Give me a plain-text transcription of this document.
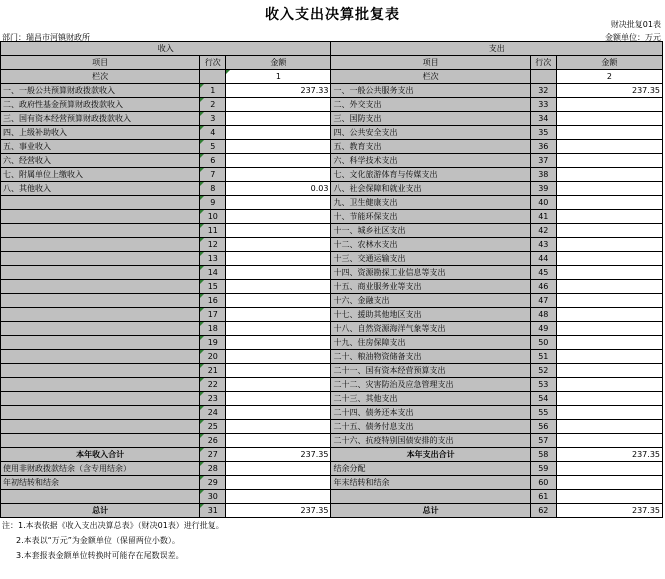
收入支出决算批复表
财决批复01表
部门：瑞昌市河镇财政所	金额单位：万元
收入			支出		
项目	行次	金额	项目	行次	金额
栏次		1	栏次		2
一、一般公共预算财政拨款收入	1	237.33	一、一般公共服务支出	32	237.35
二、政府性基金预算财政拨款收入	2		二、外交支出	33	
三、国有资本经营预算财政拨款收入	3		三、国防支出	34	
四、上级补助收入	4		四、公共安全支出	35	
五、事业收入	5		五、教育支出	36	
六、经营收入	6		六、科学技术支出	37	
七、附属单位上缴收入	7		七、文化旅游体育与传媒支出	38	
八、其他收入	8	0.03	八、社会保障和就业支出	39	
	9		九、卫生健康支出	40	
	10		十、节能环保支出	41	
	11		十一、城乡社区支出	42	
	12		十二、农林水支出	43	
	13		十三、交通运输支出	44	
	14		十四、资源勘探工业信息等支出	45	
	15		十五、商业服务业等支出	46	
	16		十六、金融支出	47	
	17		十七、援助其他地区支出	48	
	18		十八、自然资源海洋气象等支出	49	
	19		十九、住房保障支出	50	
	20		二十、粮油物资储备支出	51	
	21		二十一、国有资本经营预算支出	52	
	22		二十二、灾害防治及应急管理支出	53	
	23		二十三、其他支出	54	
	24		二十四、债务还本支出	55	
	25		二十五、债务付息支出	56	
	26		二十六、抗疫特别国债安排的支出	57	
本年收入合计	27	237.35	本年支出合计	58	237.35
使用非财政拨款结余（含专用结余）	28		结余分配	59	
年初结转和结余	29		年末结转和结余	60	
	30			61	
总计	31	237.35	总计	62	237.35
注：1.本表依据《收入支出决算总表》（财决01表）进行批复。
2.本表以“万元”为金额单位（保留两位小数）。
3.本套报表金额单位转换时可能存在尾数误差。
